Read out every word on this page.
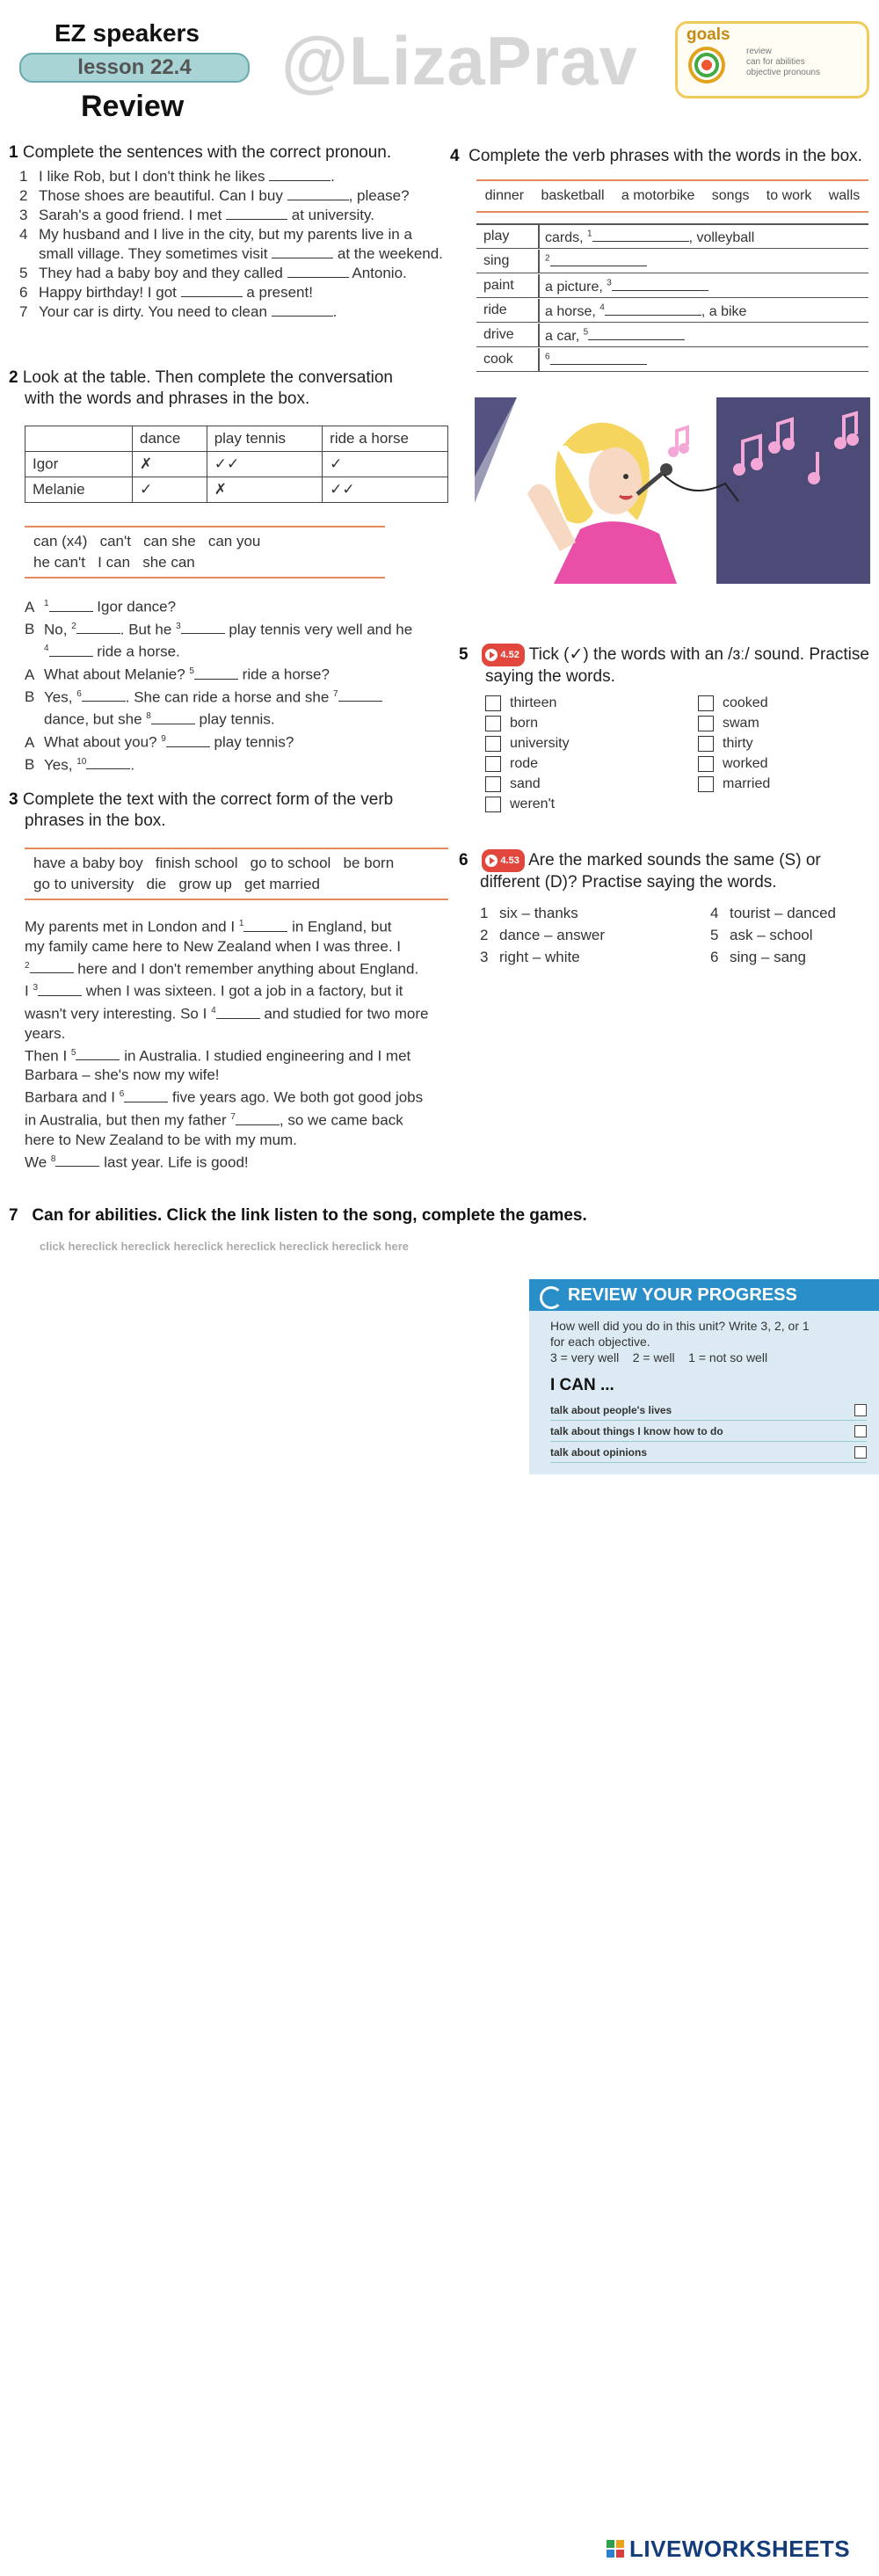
EZ speakers
lesson 22.4
Review
@LizaPrav	goals
review
can for abilities
objective pronouns
1 Complete the sentences with the correct pronoun.
1 I like Rob, but I don't think he likes	.
2 Those shoes are beautiful. Can I buy	, please?
3 Sarah's a good friend. I met	at university.
4 My husband and I live in the city, but my parents live in a
small village. They sometimes visit	at the weekend.
5 They had a baby boy and they called	Antonio.
6 Happy birthday! I got	a present!
7 Your car is dirty. You need to clean	.
2 Look at the table. Then complete the conversation
with the words and phrases in the box.
	dance	play tennis	ride a horse
Igor	✗	✓✓	✓
Melanie	✓	✗	✓✓
can (x4)   can't   can she   can you
he can't   I can   she can
A $^1$	Igor dance?
B No, $^2$	. But he $^3$	play tennis very well and he
$^4$	ride a horse.
A What about Melanie? $^5$	ride a horse?
B Yes, $^6$	. She can ride a horse and she $^7$
dance, but she $^8$	play tennis.
A What about you? $^9$	play tennis?
B Yes, $^{10}$	.
3 Complete the text with the correct form of the verb
phrases in the box.
have a baby boy   finish school   go to school   be born
go to university   die   grow up   get married
My parents met in London and I $^1$	in England, but
my family came here to New Zealand when I was three. I
$^2$	here and I don't remember anything about England.
I $^3$	when I was sixteen. I got a job in a factory, but it
wasn't very interesting. So I $^4$	and studied for two more
years.
Then I $^5$	in Australia. I studied engineering and I met
Barbara – she's now my wife!
Barbara and I $^6$	five years ago. We both got good jobs
in Australia, but then my father $^7$	, so we came back
here to New Zealand to be with my mum.
We $^8$	last year. Life is good!
4 Complete the verb phrases with the words in the box.
dinner basketball a motorbike songs to work walls
play	cards, $^1$	, volleyball
sing	$^2$
paint a picture, $^3$
ride	a horse, $^4$	, a bike
drive a car, $^5$
cook	$^6$
5	4.52 Tick (✓) the words with an /ɜː/ sound. Practise
saying the words.
thirteen
born
university
rode
sand
weren't
cooked
swam
thirty
worked
married
6	4.53 Are the marked sounds the same (S) or
different (D)? Practise saying the words.
1 six – thanks
2 dance – answer
3 right – white
4 tourist – danced
5 ask – school
6 sing – sang
7 Can for abilities. Click the link listen to the song, complete the games.
click hereclick hereclick hereclick hereclick hereclick hereclick here
REVIEW YOUR PROGRESS
How well did you do in this unit? Write 3, 2, or 1
for each objective.
3 = very well    2 = well    1 = not so well
I CAN ...
talk about people's lives
talk about things I know how to do
talk about opinions
LIVEWORKSHEETS
